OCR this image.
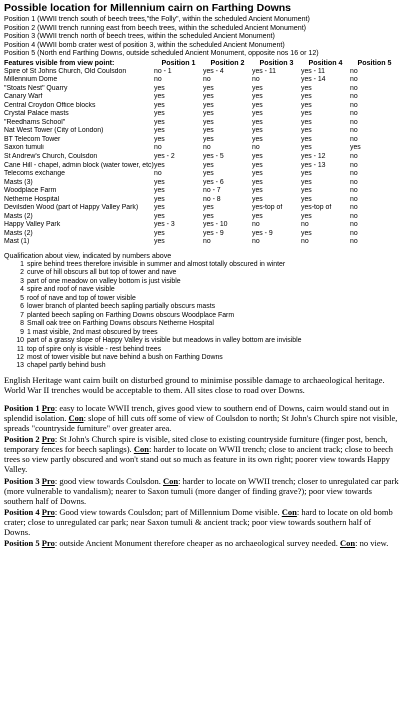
Possible location for Millennium cairn on Farthing Downs
Position 1 (WWII trench south of beech trees,"the Folly", within the scheduled Ancient Monument)
Position 2 (WWII trench running east from beech trees, within the scheduled Ancient Monument)
Position 3 (WWII trench north of beech trees, within the scheduled Ancient Monument)
Position 4 (WWII bomb crater west of position 3, within the scheduled Ancient Monument)
Position 5 (North end Farthing Downs, outside scheduled Ancient Monument, opposite nos 16 or 12)
Features visible from view point:	Position 1	Position 2	Position 3	Position 4	Position 5
Spire of St Johns Church, Old Coulsdon	no - 1	yes - 4	yes - 11	yes - 11	no
Millennium Dome	no	no	no	yes - 14	no
"Stoats Nest" Quarry	yes	yes	yes	yes	no
Canary Warf	yes	yes	yes	yes	no
Central Croydon Office blocks	yes	yes	yes	yes	no
Crystal Palace masts	yes	yes	yes	yes	no
"Reedhams School"	yes	yes	yes	yes	no
Nat West Tower (City of London)	yes	yes	yes	yes	no
BT Telecom Tower	yes	yes	yes	yes	no
Saxon tumuli	no	no	no	yes	yes
St Andrew's Church, Coulsdon	yes - 2	yes - 5	yes	yes - 12	no
Cane Hill - chapel, admin block (water tower, etc)	yes	yes	yes	yes - 13	no
Telecoms exchange	no	yes	yes	yes	no
Masts (3)	yes	yes - 6	yes	yes	no
Woodplace Farm	yes	no - 7	yes	yes	no
Netherne Hospital	yes	no - 8	yes	yes	no
Devilsden Wood (part of Happy Valley Park)	yes	yes	yes-top of	yes-top of	no
Masts (2)	yes	yes	yes	yes	no
Happy Valley Park	yes - 3	yes - 10	no	no	no
Masts (2)	yes	yes - 9	yes - 9	yes	no
Mast (1)	yes	no	no	no	no
Qualification about view, indicated by numbers above
1 spire behind trees therefore invisible in summer and almost totally obscured in winter
2 curve of hill obscurs all but top of tower and nave
3 part of one meadow on valley bottom is just visible
4 spire and roof of nave visible
5 roof of nave and top of tower visible
6 lower branch of planted beech sapling partially obscurs masts
7 planted beech sapling on Farthing Downs obscurs Woodplace Farm
8 Small oak tree on Farthing Downs obscurs Netherne Hospital
9 1 mast visible, 2nd mast obscured by trees
10 part of a grassy slope of Happy Valley is visible but meadows in valley bottom are invisible
11 top of spire only is visible - rest behind trees
12 most of tower visible but nave behind a bush on Farthing Downs
13 chapel partly behind bush
English Heritage want cairn built on disturbed ground to minimise possible damage to archaeological heritage. World War II trenches would be acceptable to them. All sites close to road over Downs.

Position 1 Pro: easy to locate WWII trench, gives good view to southern end of Downs, cairn would stand out in splendid isolation. Con: slope of hill cuts off some of view of Coulsdon to north; St John's Church spire not visible, spreads "countryside furniture" over greater area.

Position 2 Pro: St John's Church spire is visible, sited close to existing countryside furniture (finger post, bench, temporary fences for beech saplings). Con: harder to locate on WWII trench; close to ancient track; close to beech trees so view partly obscured and won't stand out so much as feature in its own right; poorer view towards Happy Valley.

Position 3 Pro: good view towards Coulsdon. Con: harder to locate on WWII trench; closer to unregulated car park (more vulnerable to vandalism); nearer to Saxon tumuli (more danger of finding grave?); poor view towards southern half of Downs.

Position 4 Pro: Good view towards Coulsdon; part of Millennium Dome visible. Con: hard to locate on old bomb crater; close to unregulated car park; near Saxon tumuli & ancient track; poor view towards southern half of Downs.

Position 5 Pro: outside Ancient Monument therefore cheaper as no archaeological survey needed. Con: no view.
